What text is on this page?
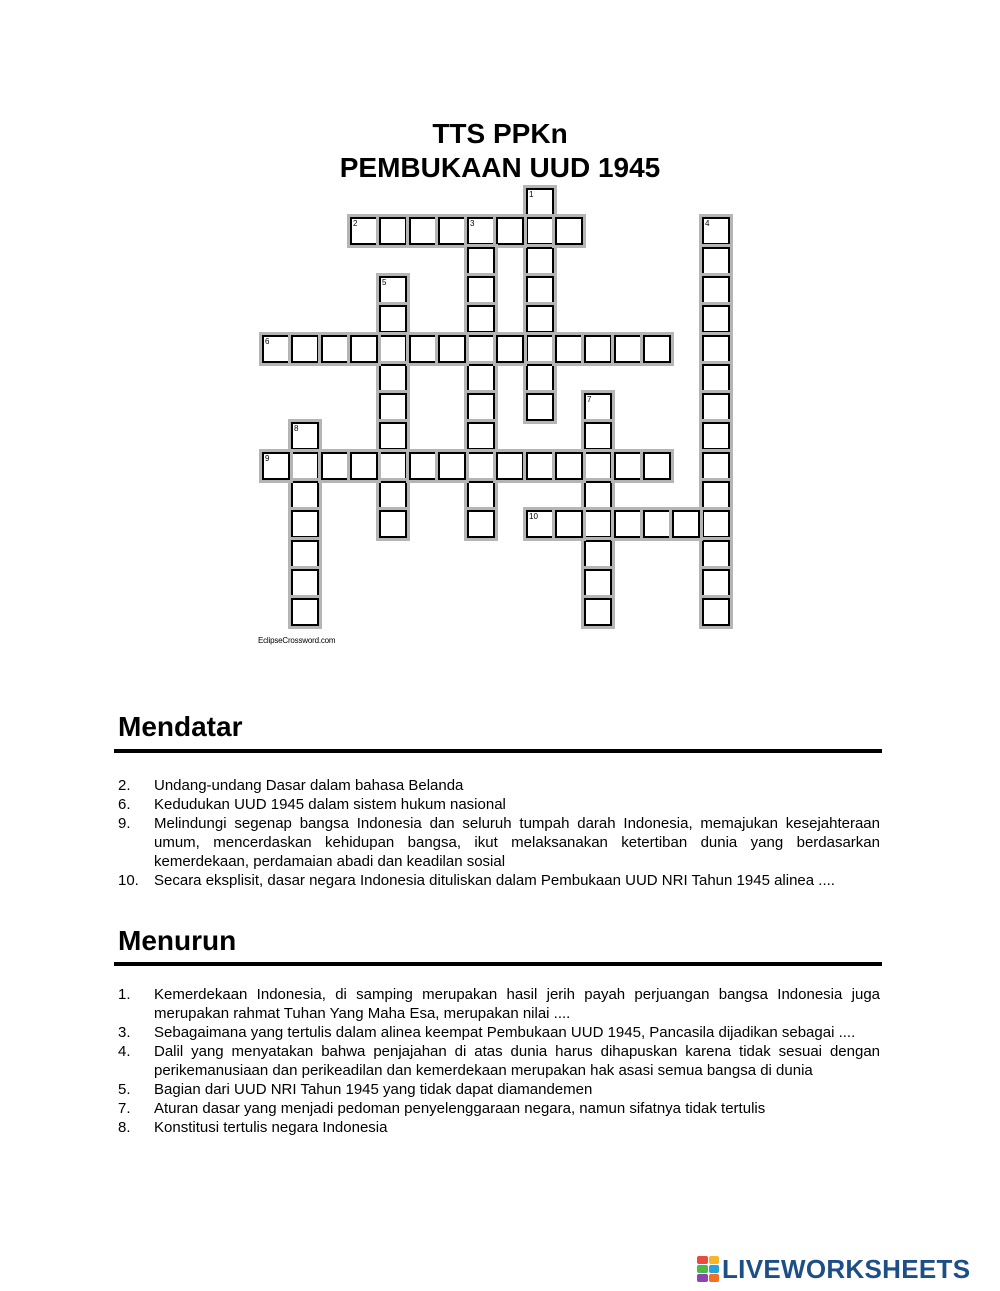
TTS PPKn
PEMBUKAAN UUD 1945
1
2	3	4
5
6
7
8
9
10
EclipseCrossword.com
Mendatar
2. Undang-undang Dasar dalam bahasa Belanda
6. Kedudukan UUD 1945 dalam sistem hukum nasional
9. Melindungi segenap bangsa Indonesia dan seluruh tumpah darah Indonesia, memajukan kesejahteraan umum, mencerdaskan kehidupan bangsa, ikut melaksanakan ketertiban dunia yang berdasarkan kemerdekaan, perdamaian abadi dan keadilan sosial
10. Secara eksplisit, dasar negara Indonesia dituliskan dalam Pembukaan UUD NRI Tahun 1945 alinea ....
Menurun
1. Kemerdekaan Indonesia, di samping merupakan hasil jerih payah perjuangan bangsa Indonesia juga merupakan rahmat Tuhan Yang Maha Esa, merupakan nilai ....
3. Sebagaimana yang tertulis dalam alinea keempat Pembukaan UUD 1945, Pancasila dijadikan sebagai ....
4. Dalil yang menyatakan bahwa penjajahan di atas dunia harus dihapuskan karena tidak sesuai dengan perikemanusiaan dan perikeadilan dan kemerdekaan merupakan hak asasi semua bangsa di dunia
5. Bagian dari UUD NRI Tahun 1945 yang tidak dapat diamandemen
7. Aturan dasar yang menjadi pedoman penyelenggaraan negara, namun sifatnya tidak tertulis
8. Konstitusi tertulis negara Indonesia
LIVEWORKSHEETS
